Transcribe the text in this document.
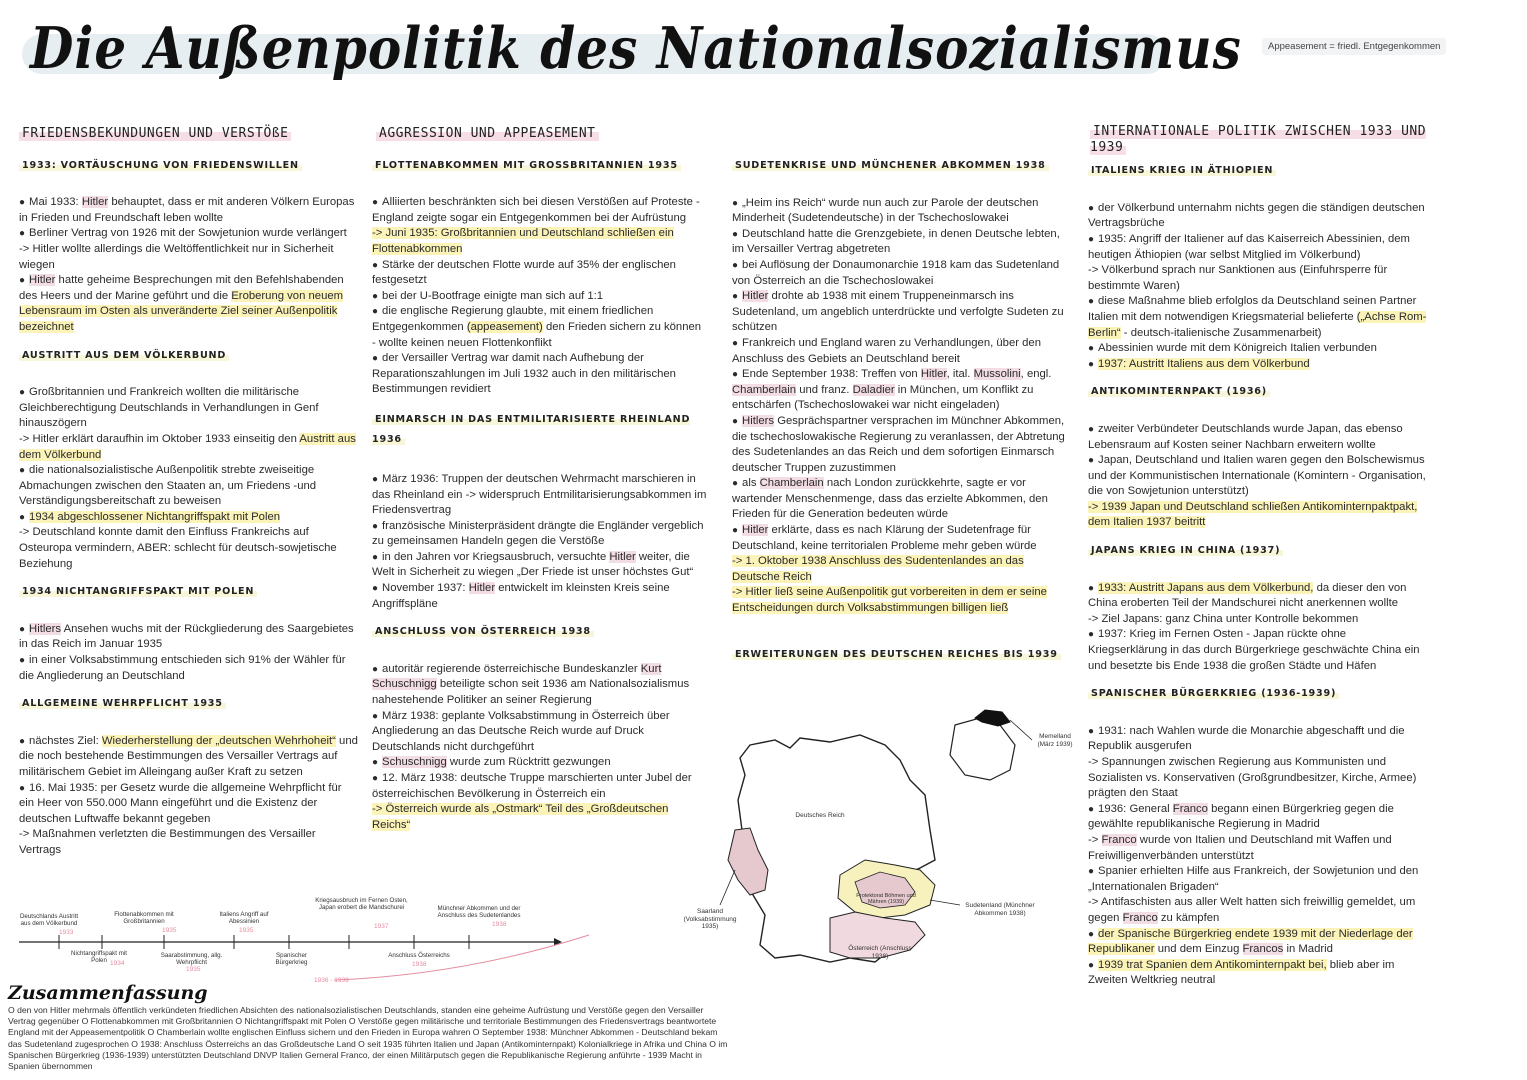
Die Außenpolitik des Nationalsozialismus	Appeasement = friedl. Entgegenkommen
FRIEDENSBEKUNDUNGEN UND VERSTÖßE
1933: VORTÄUSCHUNG VON FRIEDENSWILLEN

● Mai 1933: Hitler behauptet, dass er mit anderen Völkern Europas in Frieden und Freundschaft leben wollte

● Berliner Vertrag von 1926 mit der Sowjetunion wurde verlängert

-> Hitler wollte allerdings die Weltöffentlichkeit nur in Sicherheit wiegen

● Hitler hatte geheime Besprechungen mit den Befehlshabenden des Heers und der Marine geführt und die Eroberung von neuem Lebensraum im Osten als unveränderte Ziel seiner Außenpolitik bezeichnet

AUSTRITT AUS DEM VÖLKERBUND

● Großbritannien und Frankreich wollten die militärische Gleichberechtigung Deutschlands in Verhandlungen in Genf hinauszögern

-> Hitler erklärt daraufhin im Oktober 1933 einseitig den Austritt aus dem Völkerbund

● die nationalsozialistische Außenpolitik strebte zweiseitige Abmachungen zwischen den Staaten an, um Friedens -und Verständigungsbereitschaft zu beweisen

● 1934 abgeschlossener Nichtangriffspakt mit Polen

-> Deutschland konnte damit den Einfluss Frankreichs auf Osteuropa vermindern, ABER: schlecht für deutsch-sowjetische Beziehung

1934 NICHTANGRIFFSPAKT MIT POLEN

● Hitlers Ansehen wuchs mit der Rückgliederung des Saargebietes in das Reich im Januar 1935

● in einer Volksabstimmung entschieden sich 91% der Wähler für die Angliederung an Deutschland

ALLGEMEINE WEHRPFLICHT 1935

● nächstes Ziel: Wiederherstellung der „deutschen Wehrhoheit“ und die noch bestehende Bestimmungen des Versailler Vertrags auf militärischem Gebiet im Alleingang außer Kraft zu setzen

● 16. Mai 1935: per Gesetz wurde die allgemeine Wehrpflicht für ein Heer von 550.000 Mann eingeführt und die Existenz der deutschen Luftwaffe bekannt gegeben

-> Maßnahmen verletzten die Bestimmungen des Versailler Vertrags

AGGRESSION UND APPEASEMENT
FLOTTENABKOMMEN MIT GROSSBRITANNIEN 1935

● Alliierten beschränkten sich bei diesen Verstößen auf Proteste - England zeigte sogar ein Entgegenkommen bei der Aufrüstung

-> Juni 1935: Großbritannien und Deutschland schließen ein Flottenabkommen

● Stärke der deutschen Flotte wurde auf 35% der englischen festgesetzt

● bei der U-Bootfrage einigte man sich auf 1:1

● die englische Regierung glaubte, mit einem friedlichen Entgegenkommen (appeasement) den Frieden sichern zu können - wollte keinen neuen Flottenkonflikt

● der Versailler Vertrag war damit nach Aufhebung der Reparationszahlungen im Juli 1932 auch in den militärischen Bestimmungen revidiert

EINMARSCH IN DAS ENTMILITARISIERTE RHEINLAND 1936

● März 1936: Truppen der deutschen Wehrmacht marschieren in das Rheinland ein -> widerspruch Entmilitarisierungsabkommen im Friedensvertrag

● französische Ministerpräsident drängte die Engländer vergeblich zu gemeinsamen Handeln gegen die Verstöße

● in den Jahren vor Kriegsausbruch, versuchte Hitler weiter, die Welt in Sicherheit zu wiegen „Der Friede ist unser höchstes Gut“

● November 1937: Hitler entwickelt im kleinsten Kreis seine Angriffspläne

ANSCHLUSS VON ÖSTERREICH 1938

● autoritär regierende österreichische Bundeskanzler Kurt Schuschnigg beteiligte schon seit 1936 am Nationalsozialismus nahestehende Politiker an seiner Regierung

● März 1938: geplante Volksabstimmung in Österreich über Angliederung an das Deutsche Reich wurde auf Druck Deutschlands nicht durchgeführt

● Schuschnigg wurde zum Rücktritt gezwungen

● 12. März 1938: deutsche Truppe marschierten unter Jubel der österreichischen Bevölkerung in Österreich ein

-> Österreich wurde als „Ostmark“ Teil des „Großdeutschen Reichs“

SUDETENKRISE UND MÜNCHENER ABKOMMEN 1938

● „Heim ins Reich“ wurde nun auch zur Parole der deutschen Minderheit (Sudetendeutsche) in der Tschechoslowakei

● Deutschland hatte die Grenzgebiete, in denen Deutsche lebten, im Versailler Vertrag abgetreten

● bei Auflösung der Donaumonarchie 1918 kam das Sudetenland von Österreich an die Tschechoslowakei

● Hitler drohte ab 1938 mit einem Truppeneinmarsch ins Sudetenland, um angeblich unterdrückte und verfolgte Sudeten zu schützen

● Frankreich und England waren zu Verhandlungen, über den Anschluss des Gebiets an Deutschland bereit

● Ende September 1938: Treffen von Hitler, ital. Mussolini, engl. Chamberlain und franz. Daladier in München, um Konflikt zu entschärfen (Tschechoslowakei war nicht eingeladen)

● Hitlers Gesprächspartner versprachen im Münchner Abkommen, die tschechoslowakische Regierung zu veranlassen, der Abtretung des Sudetenlandes an das Reich und dem sofortigen Einmarsch deutscher Truppen zuzustimmen

● als Chamberlain nach London zurückkehrte, sagte er vor wartender Menschenmenge, dass das erzielte Abkommen, den Frieden für die Generation bedeuten würde

● Hitler erklärte, dass es nach Klärung der Sudetenfrage für Deutschland, keine territorialen Probleme mehr geben würde

-> 1. Oktober 1938 Anschluss des Sudentenlandes an das Deutsche Reich

-> Hitler ließ seine Außenpolitik gut vorbereiten in dem er seine Entscheidungen durch Volksabstimmungen billigen ließ

ERWEITERUNGEN DES DEUTSCHEN REICHES BIS 1939
Deutsches Reich
Memelland (März 1939)
Saarland (Volksabstimmung 1935)
Protektorat Böhmen und Mähren (1939)	Sudetenland (Münchner Abkommen 1938)
Österreich (Anschluss 1938)
INTERNATIONALE POLITIK ZWISCHEN 1933 UND 1939
ITALIENS KRIEG IN ÄTHIOPIEN

● der Völkerbund unternahm nichts gegen die ständigen deutschen Vertragsbrüche

● 1935: Angriff der Italiener auf das Kaiserreich Abessinien, dem heutigen Äthiopien (war selbst Mitglied im Völkerbund)

-> Völkerbund sprach nur Sanktionen aus (Einfuhrsperre für bestimmte Waren)

● diese Maßnahme blieb erfolglos da Deutschland seinen Partner Italien mit dem notwendigen Kriegsmaterial belieferte („Achse Rom-Berlin“ - deutsch-italienische Zusammenarbeit)

● Abessinien wurde mit dem Königreich Italien verbunden

● 1937: Austritt Italiens aus dem Völkerbund

ANTIKOMINTERNPAKT (1936)

● zweiter Verbündeter Deutschlands wurde Japan, das ebenso Lebensraum auf Kosten seiner Nachbarn erweitern wollte

● Japan, Deutschland und Italien waren gegen den Bolschewismus und der Kommunistischen Internationale (Komintern - Organisation, die von Sowjetunion unterstützt)

-> 1939 Japan und Deutschland schließen Antikominternpaktpakt, dem Italien 1937 beitritt

JAPANS KRIEG IN CHINA (1937)

● 1933: Austritt Japans aus dem Völkerbund, da dieser den von China eroberten Teil der Mandschurei nicht anerkennen wollte

-> Ziel Japans: ganz China unter Kontrolle bekommen

● 1937: Krieg im Fernen Osten - Japan rückte ohne Kriegserklärung in das durch Bürgerkriege geschwächte China ein und besetzte bis Ende 1938 die großen Städte und Häfen

SPANISCHER BÜRGERKRIEG (1936-1939)

● 1931: nach Wahlen wurde die Monarchie abgeschafft und die Republik ausgerufen

-> Spannungen zwischen Regierung aus Kommunisten und Sozialisten vs. Konservativen (Großgrundbesitzer, Kirche, Armee) prägten den Staat

● 1936: General Franco begann einen Bürgerkrieg gegen die gewählte republikanische Regierung in Madrid

-> Franco wurde von Italien und Deutschland mit Waffen und Freiwilligenverbänden unterstützt

● Spanier erhielten Hilfe aus Frankreich, der Sowjetunion und den „Internationalen Brigaden“

-> Antifaschisten aus aller Welt hatten sich freiwillig gemeldet, um gegen Franco zu kämpfen

● der Spanische Bürgerkrieg endete 1939 mit der Niederlage der Republikaner und dem Einzug Francos in Madrid

● 1939 trat Spanien dem Antikominternpakt bei, blieb aber im Zweiten Weltkrieg neutral

Deutschlands Austritt aus dem Völkerbund
1933
Flottenabkommen mit Großbritannien
1935
Italiens Angriff auf Abessinien
1935
Kriegsausbruch im Fernen Osten, Japan erobert die Mandschurei
1937
Münchner Abkommen und der Anschluss des Sudetenlandes
1938
Nichtangriffspakt mit Polen 1934
Saarabstimmung, allg. Wehrpflicht
1935
Spanischer Bürgerkrieg
1936 - 1939
Anschluss Österreichs
1938
Zusammenfassung
O den von Hitler mehrmals öffentlich verkündeten friedlichen Absichten des nationalsozialistischen Deutschlands, standen eine geheime Aufrüstung und Verstöße gegen den Versailler Vertrag gegenüber O Flottenabkommen mit Großbritannien O Nichtangriffspakt mit Polen O Verstöße gegen militärische und territoriale Bestimmungen des Friedensvertrags beantwortete England mit der Appeasementpolitik O Chamberlain wollte englischen Einfluss sichern und den Frieden in Europa wahren O September 1938: Münchner Abkommen - Deutschland bekam das Sudetenland zugesprochen O 1938: Anschluss Österreichs an das Großdeutsche Land O seit 1935 führten Italien und Japan (Antikominternpakt) Kolonialkriege in Afrika und China O im Spanischen Bürgerkrieg (1936-1939) unterstützten Deutschland DNVP Italien Gerneral Franco, der einen Militärputsch gegen die Republikanische Regierung anführte - 1939 Macht in Spanien übernommen
